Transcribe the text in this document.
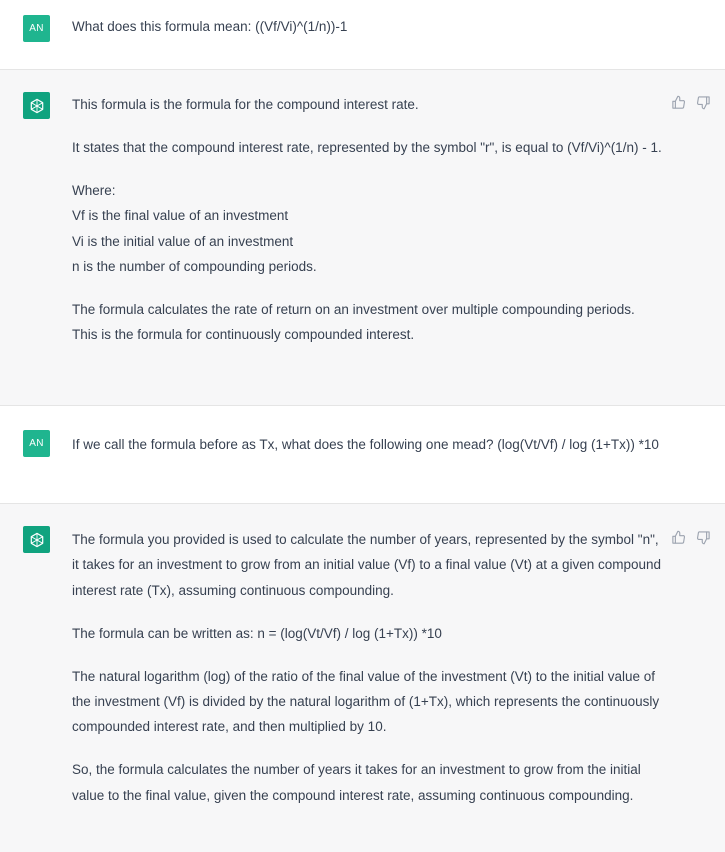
AN	What does this formula mean: ((Vf/Vi)^(1/n))-1

This formula is the formula for the compound interest rate.

It states that the compound interest rate, represented by the symbol "r", is equal to (Vf/Vi)^(1/n) - 1.

Where:

Vf is the final value of an investment

Vi is the initial value of an investment

n is the number of compounding periods.

The formula calculates the rate of return on an investment over multiple compounding periods. This is the formula for continuously compounded interest.

AN	If we call the formula before as Tx, what does the following one mead? (log(Vt/Vf) / log (1+Tx)) *10

The formula you provided is used to calculate the number of years, represented by the symbol "n", it takes for an investment to grow from an initial value (Vf) to a final value (Vt) at a given compound interest rate (Tx), assuming continuous compounding.

The formula can be written as: n = (log(Vt/Vf) / log (1+Tx)) *10

The natural logarithm (log) of the ratio of the final value of the investment (Vt) to the initial value of the investment (Vf) is divided by the natural logarithm of (1+Tx), which represents the continuously compounded interest rate, and then multiplied by 10.

So, the formula calculates the number of years it takes for an investment to grow from the initial value to the final value, given the compound interest rate, assuming continuous compounding.
